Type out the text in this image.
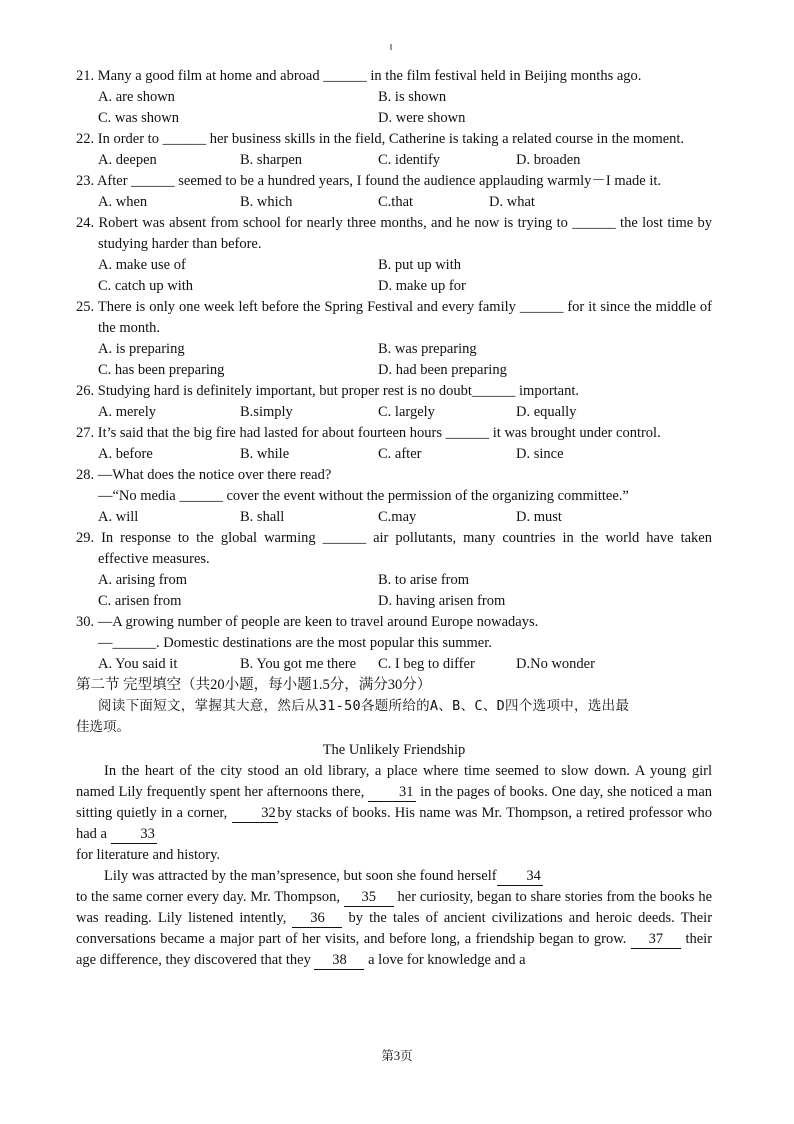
21. Many a good film at home and abroad ______ in the film festival held in Beijing months ago.
A. are shown	B. is shown
C. was shown	D. were shown
22. In order to ______ her business skills in the field, Catherine is taking a related course in the moment.
A. deepen	B. sharpen	C. identify	D. broaden
23. After ______ seemed to be a hundred years, I found the audience applauding warmly－I made it.
A. when	B. which	C.that	D. what
24. Robert was absent from school for nearly three months, and he now is trying to ______ the lost time by studying harder than before.
A. make use of	B. put up with
C. catch up with	D. make up for
25. There is only one week left before the Spring Festival and every family ______ for it since the middle of the month.
A. is preparing	B. was preparing
C. has been preparing	D. had been preparing
26. Studying hard is definitely important, but proper rest is no doubt______ important.
A. merely	B.simply	C. largely	D. equally
27. It’s said that the big fire had lasted for about fourteen hours ______ it was brought under control.
A. before	B. while	C. after	D. since
28. —What does the notice over there read?
—“No media ______ cover the event without the permission of the organizing committee.”
A. will	B. shall	C.may	D. must
29. In response to the global warming ______ air pollutants, many countries in the world have taken effective measures.
A. arising from	B. to arise from
C. arisen from	D. having arisen from
30. —A growing number of people are keen to travel around Europe nowadays.
—______. Domestic destinations are the most popular this summer.
A. You said it	B. You got me there	C. I beg to differ	D.No wonder
第二节 完型填空（共20小题，每小题1.5分，满分30分）
阅读下面短文，掌握其大意，然后从31-50各题所给的A、B、C、D四个选项中，选出最
佳选项。
The Unlikely Friendship
In the heart of the city stood an old library, a place where time seemed to slow down. A young girl named Lily frequently spent her afternoons there, 31 in the pages of books. One day, she noticed a man sitting quietly in a corner, 32 by stacks of books. His name was Mr. Thompson, a retired professor who had a 33
for literature and history.
Lily was attracted by the man’spresence, but soon she found herself 34
to the same corner every day. Mr. Thompson, 35 her curiosity, began to share stories from the books he was reading. Lily listened intently, 36 by the tales of ancient civilizations and heroic deeds. Their conversations became a major part of her visits, and before long, a friendship began to grow. 37 their age difference, they discovered that they 38 a love for knowledge and a
第3页
